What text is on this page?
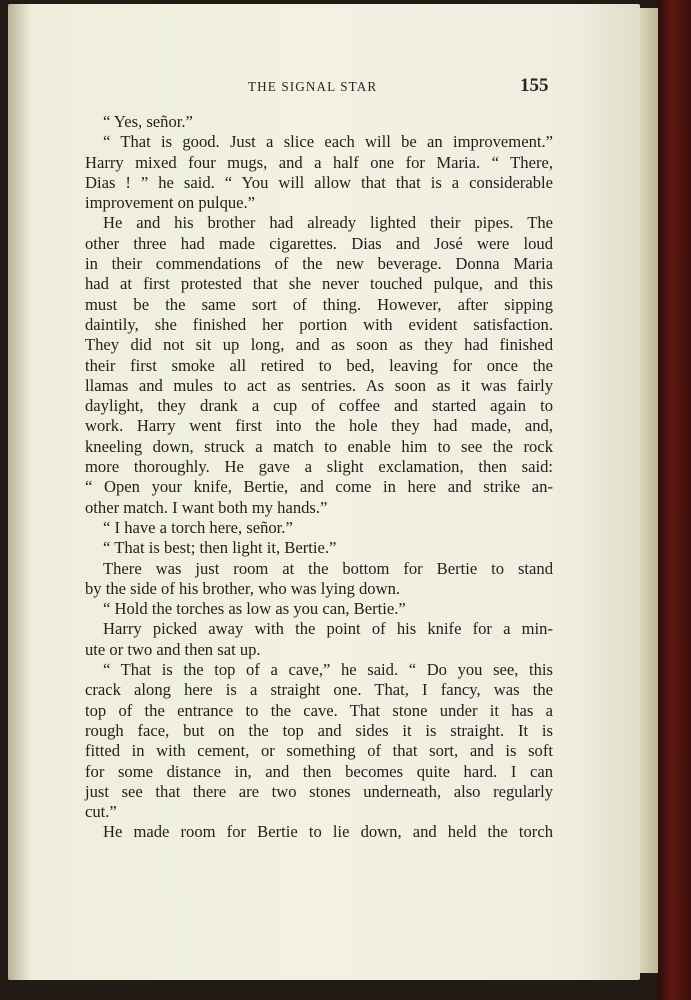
THE SIGNAL STAR	155
“ Yes, señor.”
“ That is good. Just a slice each will be an improvement.”
Harry mixed four mugs, and a half one for Maria. “ There,
Dias ! ” he said. “ You will allow that that is a considerable
improvement on pulque.”
He and his brother had already lighted their pipes. The
other three had made cigarettes. Dias and José were loud
in their commendations of the new beverage. Donna Maria
had at first protested that she never touched pulque, and this
must be the same sort of thing. However, after sipping
daintily, she finished her portion with evident satisfaction.
They did not sit up long, and as soon as they had finished
their first smoke all retired to bed, leaving for once the
llamas and mules to act as sentries. As soon as it was fairly
daylight, they drank a cup of coffee and started again to
work. Harry went first into the hole they had made, and,
kneeling down, struck a match to enable him to see the rock
more thoroughly. He gave a slight exclamation, then said:
“ Open your knife, Bertie, and come in here and strike an-
other match. I want both my hands.”
“ I have a torch here, señor.”
“ That is best; then light it, Bertie.”
There was just room at the bottom for Bertie to stand
by the side of his brother, who was lying down.
“ Hold the torches as low as you can, Bertie.”
Harry picked away with the point of his knife for a min-
ute or two and then sat up.
“ That is the top of a cave,” he said. “ Do you see, this
crack along here is a straight one. That, I fancy, was the
top of the entrance to the cave. That stone under it has a
rough face, but on the top and sides it is straight. It is
fitted in with cement, or something of that sort, and is soft
for some distance in, and then becomes quite hard. I can
just see that there are two stones underneath, also regularly
cut.”
He made room for Bertie to lie down, and held the torch
